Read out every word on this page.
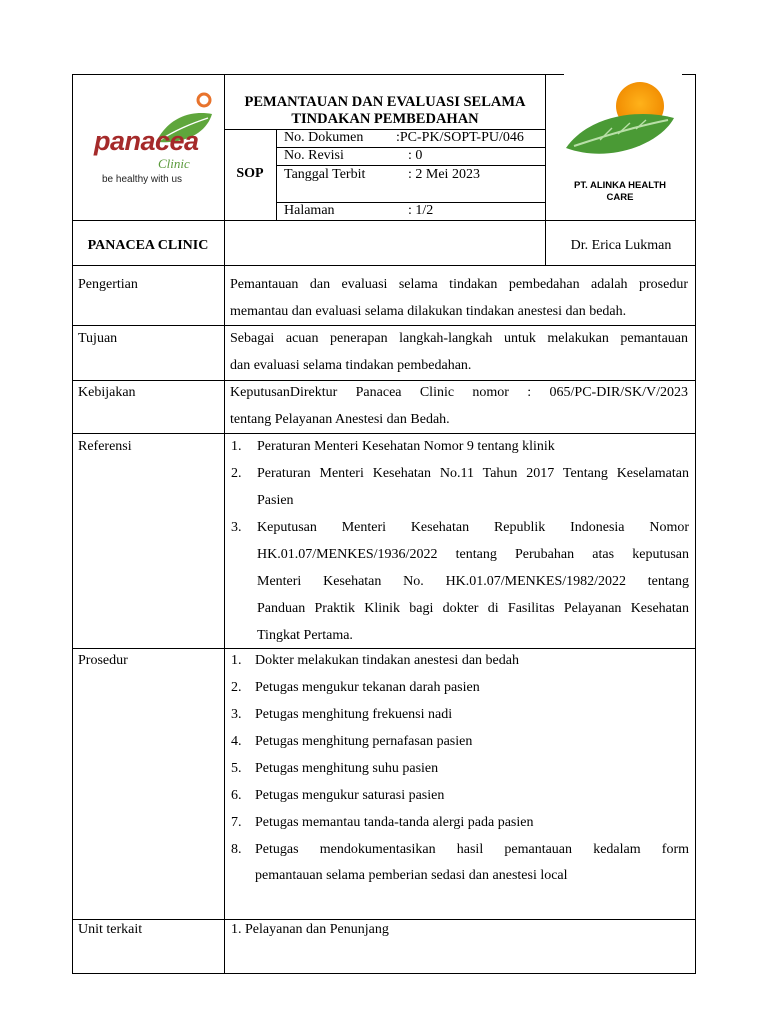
panacea
Clinic
be healthy with us
PEMANTAUAN DAN EVALUASI SELAMA
TINDAKAN PEMBEDAHAN
SOP
No. Dokumen :PC-PK/SOPT-PU/046
No. Revisi	: 0
Tanggal Terbit	: 2 Mei 2023
Halaman	: 1/2
PT. ALINKA HEALTH
CARE
PANACEA CLINIC	Dr. Erica Lukman
Pengertian	Pemantauan dan evaluasi selama tindakan pembedahan adalah prosedur
memantau dan evaluasi selama dilakukan tindakan anestesi dan bedah.
Tujuan	Sebagai acuan penerapan langkah-langkah untuk melakukan pemantauan
dan evaluasi selama tindakan pembedahan.
Kebijakan	KeputusanDirektur Panacea Clinic nomor : 065/PC-DIR/SK/V/2023
tentang Pelayanan Anestesi dan Bedah.
Referensi	1. Peraturan Menteri Kesehatan Nomor 9 tentang klinik
2. Peraturan Menteri Kesehatan No.11 Tahun 2017 Tentang Keselamatan
Pasien
3. Keputusan Menteri Kesehatan Republik Indonesia Nomor
HK.01.07/MENKES/1936/2022 tentang Perubahan atas keputusan
Menteri Kesehatan No. HK.01.07/MENKES/1982/2022 tentang
Panduan Praktik Klinik bagi dokter di Fasilitas Pelayanan Kesehatan
Tingkat Pertama.
Prosedur	1. Dokter melakukan tindakan anestesi dan bedah
2. Petugas mengukur tekanan darah pasien
3. Petugas menghitung frekuensi nadi
4. Petugas menghitung pernafasan pasien
5. Petugas menghitung suhu pasien
6. Petugas mengukur saturasi pasien
7. Petugas memantau tanda-tanda alergi pada pasien
8. Petugas mendokumentasikan hasil pemantauan kedalam form
pemantauan selama pemberian sedasi dan anestesi local
Unit terkait	1. Pelayanan dan Penunjang
